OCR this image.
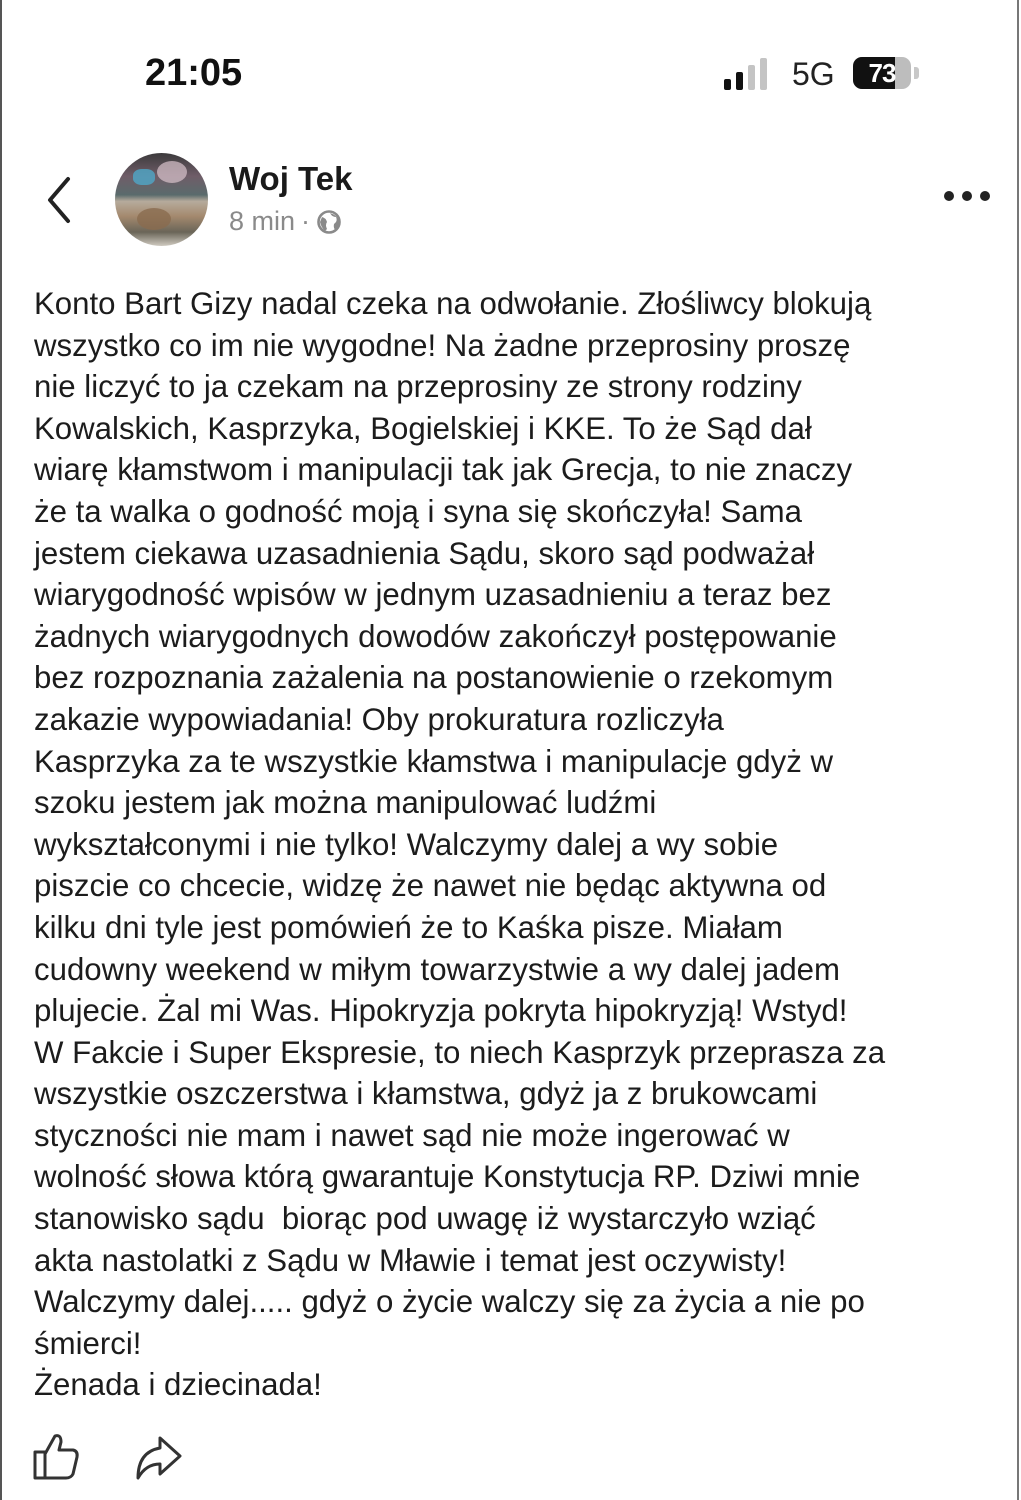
21:05	5G	73
Woj Tek
8 min ·
Konto Bart Gizy nadal czeka na odwołanie. Złośliwcy blokują
wszystko co im nie wygodne! Na żadne przeprosiny proszę
nie liczyć to ja czekam na przeprosiny ze strony rodziny
Kowalskich, Kasprzyka, Bogielskiej i KKE. To że Sąd dał
wiarę kłamstwom i manipulacji tak jak Grecja, to nie znaczy
że ta walka o godność moją i syna się skończyła! Sama
jestem ciekawa uzasadnienia Sądu, skoro sąd podważał
wiarygodność wpisów w jednym uzasadnieniu a teraz bez
żadnych wiarygodnych dowodów zakończył postępowanie
bez rozpoznania zażalenia na postanowienie o rzekomym
zakazie wypowiadania! Oby prokuratura rozliczyła
Kasprzyka za te wszystkie kłamstwa i manipulacje gdyż w
szoku jestem jak można manipulować ludźmi
wykształconymi i nie tylko! Walczymy dalej a wy sobie
piszcie co chcecie, widzę że nawet nie będąc aktywna od
kilku dni tyle jest pomówień że to Kaśka pisze. Miałam
cudowny weekend w miłym towarzystwie a wy dalej jadem
plujecie. Żal mi Was. Hipokryzja pokryta hipokryzją! Wstyd!
W Fakcie i Super Ekspresie, to niech Kasprzyk przeprasza za
wszystkie oszczerstwa i kłamstwa, gdyż ja z brukowcami
styczności nie mam i nawet sąd nie może ingerować w
wolność słowa którą gwarantuje Konstytucja RP. Dziwi mnie
stanowisko sądu  biorąc pod uwagę iż wystarczyło wziąć
akta nastolatki z Sądu w Mławie i temat jest oczywisty!
Walczymy dalej..... gdyż o życie walczy się za życia a nie po
śmierci!
Żenada i dziecinada!
